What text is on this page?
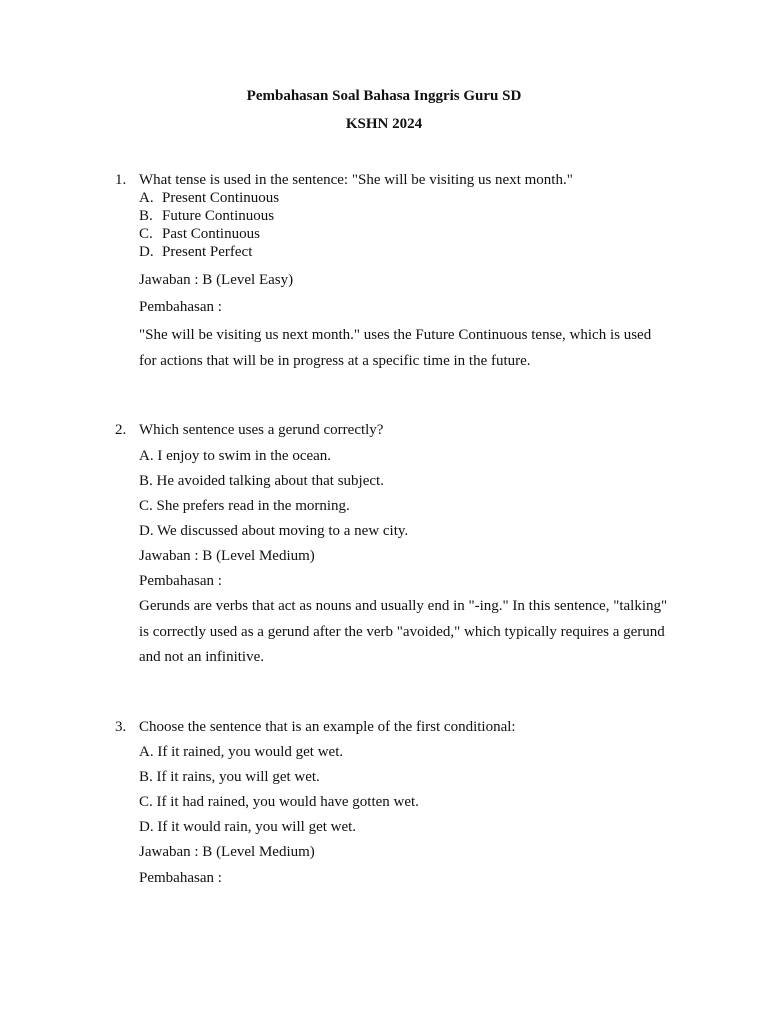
Pembahasan Soal Bahasa Inggris Guru SD
KSHN 2024
1. What tense is used in the sentence: "She will be visiting us next month."
A. Present Continuous
B. Future Continuous
C. Past Continuous
D. Present Perfect
Jawaban : B (Level Easy)
Pembahasan :
"She will be visiting us next month." uses the Future Continuous tense, which is used
for actions that will be in progress at a specific time in the future.
2. Which sentence uses a gerund correctly?
A. I enjoy to swim in the ocean.
B. He avoided talking about that subject.
C. She prefers read in the morning.
D. We discussed about moving to a new city.
Jawaban : B (Level Medium)
Pembahasan :
Gerunds are verbs that act as nouns and usually end in "-ing." In this sentence, "talking"
is correctly used as a gerund after the verb "avoided," which typically requires a gerund
and not an infinitive.
3. Choose the sentence that is an example of the first conditional:
A. If it rained, you would get wet.
B. If it rains, you will get wet.
C. If it had rained, you would have gotten wet.
D. If it would rain, you will get wet.
Jawaban : B (Level Medium)
Pembahasan :
